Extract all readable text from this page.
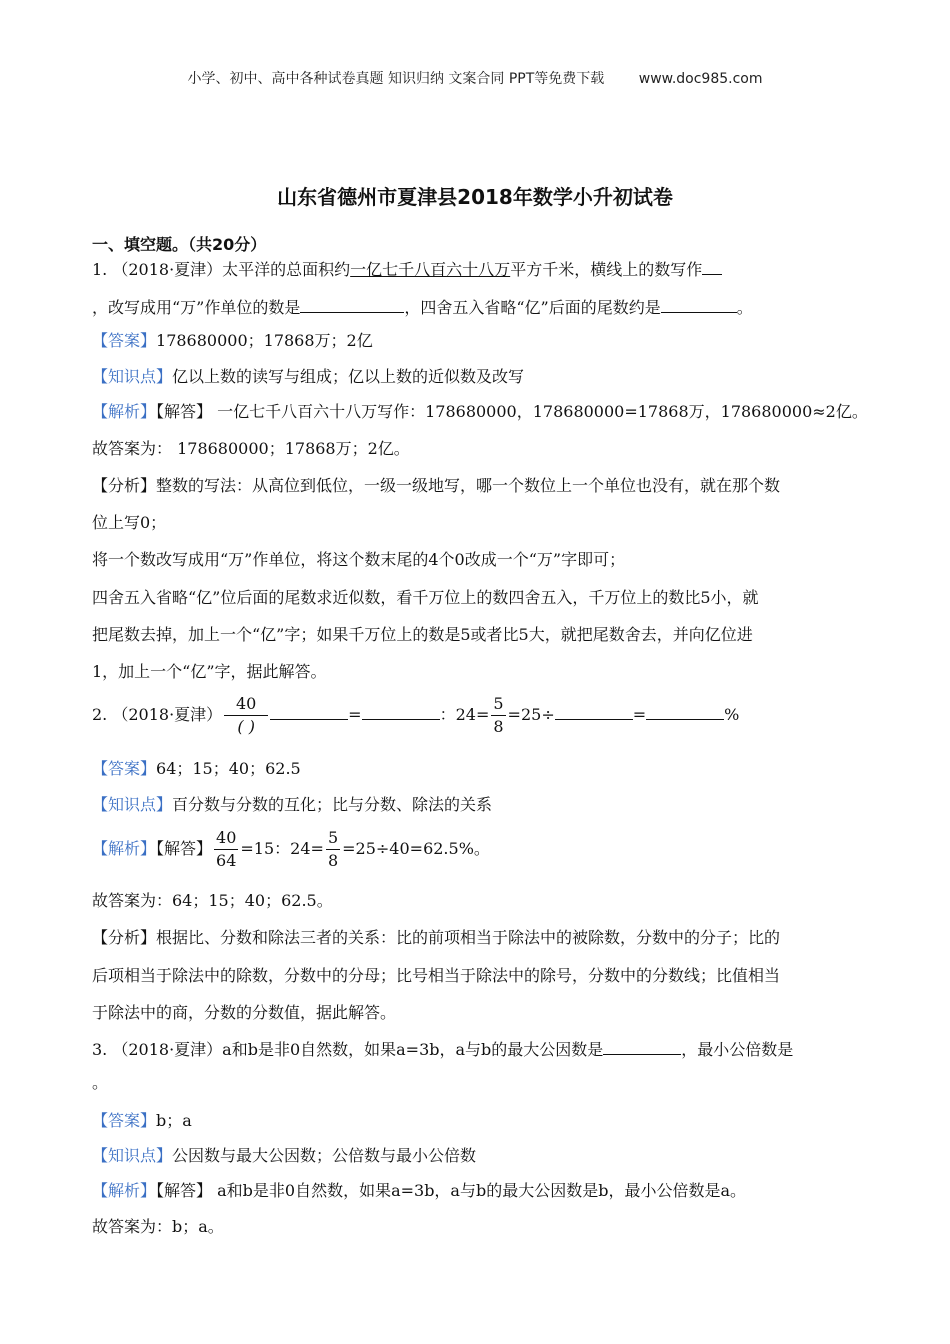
小学、初中、高中各种试卷真题 知识归纳 文案合同 PPT等免费下载 www.doc985.com
山东省德州市夏津县2018年数学小升初试卷
一、填空题。（共20分）
1. （2018·夏津）太平洋的总面积约一亿七千八百六十八万平方千米，横线上的数写作
，改写成用“万”作单位的数是	，四舍五入省略“亿”后面的尾数约是	。
【答案】178680000；17868万；2亿
【知识点】亿以上数的读写与组成；亿以上数的近似数及改写
【解析】【解答】 一亿七千八百六十八万写作：178680000，178680000=17868万，178680000≈2亿。
故答案为： 178680000；17868万；2亿。
【分析】整数的写法：从高位到低位，一级一级地写，哪一个数位上一个单位也没有，就在那个数
位上写0；
将一个数改写成用“万”作单位，将这个数末尾的4个0改成一个“万”字即可；
四舍五入省略“亿”位后面的尾数求近似数，看千万位上的数四舍五入，千万位上的数比5小，就
把尾数去掉，加上一个“亿”字；如果千万位上的数是5或者比5大，就把尾数舍去，并向亿位进
1，加上一个“亿”字，据此解答。
2. （2018·夏津） $\frac{40}{( )}$	=	：$24= \frac{5}{8} =25\div$	=	%
【答案】64；15；40；62.5
【知识点】百分数与分数的互化；比与分数、除法的关系
【解析】【解答】 $\frac{40}{64} =15$：$24= \frac{5}{8} =25\div 40=62.5\%$。
故答案为：64；15；40；62.5。
【分析】根据比、分数和除法三者的关系：比的前项相当于除法中的被除数，分数中的分子；比的
后项相当于除法中的除数，分数中的分母；比号相当于除法中的除号，分数中的分数线；比值相当
于除法中的商，分数的分数值，据此解答。
3. （2018·夏津）a和b是非0自然数，如果a=3b，a与b的最大公因数是	，最小公倍数是
。
【答案】b；a
【知识点】公因数与最大公因数；公倍数与最小公倍数
【解析】【解答】 a和b是非0自然数，如果a=3b，a与b的最大公因数是b，最小公倍数是a。
故答案为：b；a。
